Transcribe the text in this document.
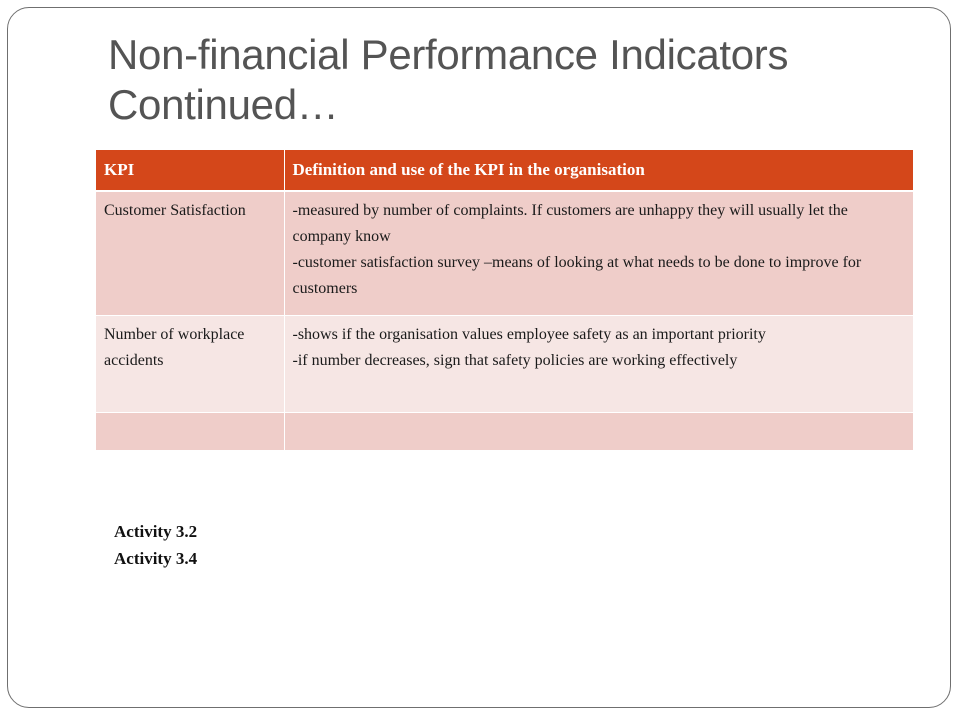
Non-financial Performance Indicators Continued…
KPI	Definition and use of the KPI in the organisation
Customer Satisfaction	-measured by number of complaints. If customers are unhappy they will usually let the company know
-customer satisfaction survey –means of looking at what needs to be done to improve for customers

Number of workplace accidents	-shows if the organisation values employee safety as an important priority
-if number decreases, sign that safety policies are working effectively

Activity 3.2
Activity 3.4
